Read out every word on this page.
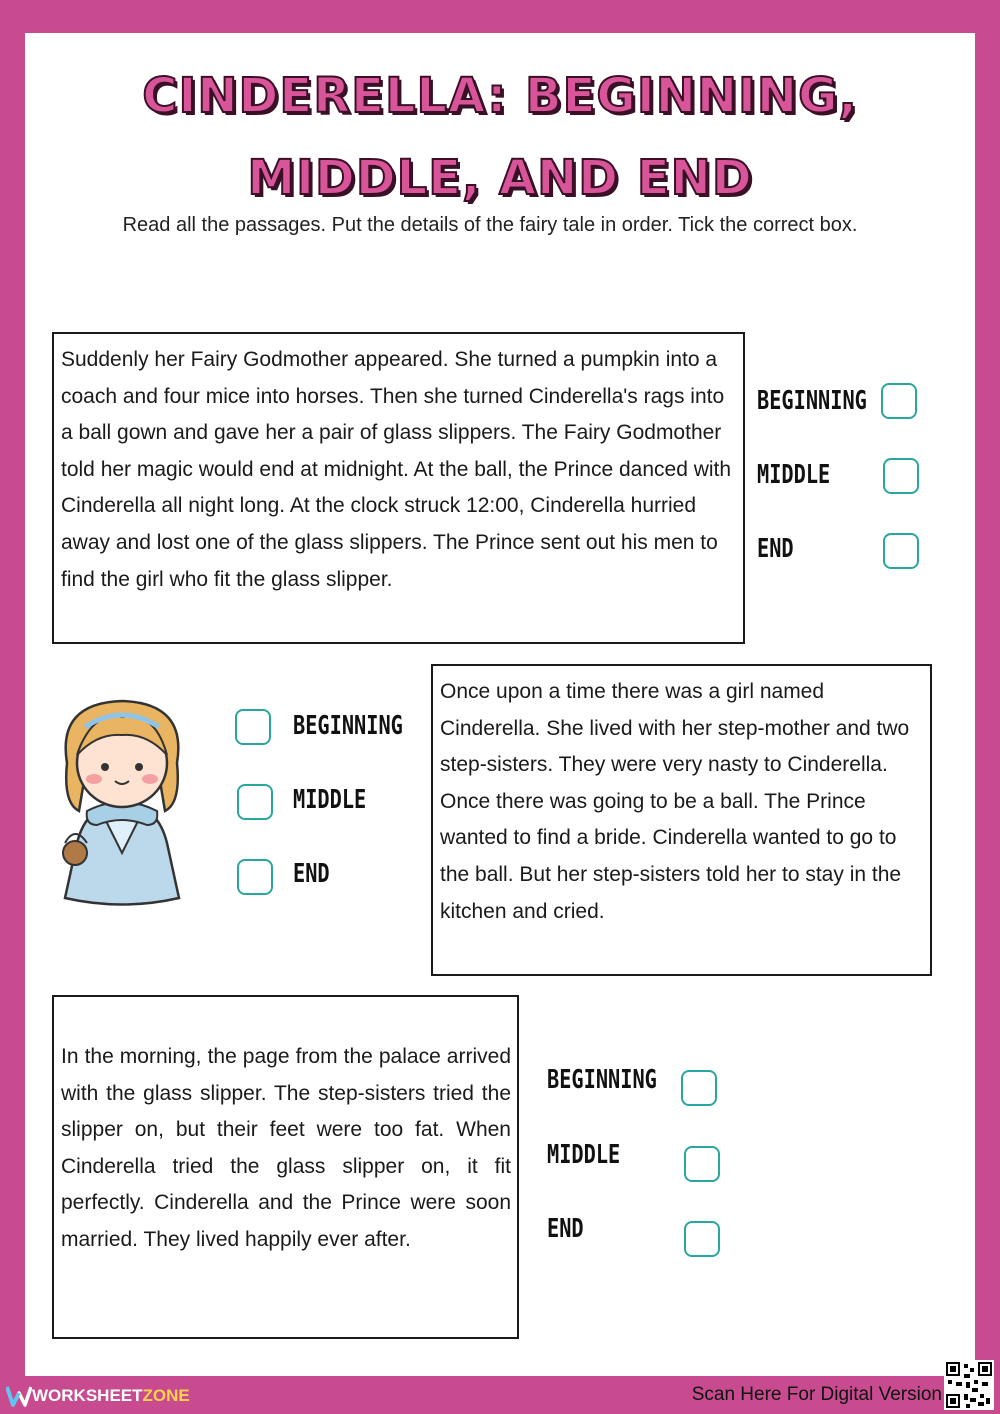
CINDERELLA: BEGINNING, MIDDLE, AND END
Read all the passages. Put the details of the fairy tale in order. Tick the correct box.
Suddenly her Fairy Godmother appeared. She turned a pumpkin into a coach and four mice into horses. Then she turned Cinderella's rags into a ball gown and gave her a pair of glass slippers. The Fairy Godmother told her magic would end at midnight. At the ball, the Prince danced with Cinderella all night long. At the clock struck 12:00, Cinderella hurried away and lost one of the glass slippers. The Prince sent out his men to find the girl who fit the glass slipper.
BEGINNING
MIDDLE
END
BEGINNING
MIDDLE
END
Once upon a time there was a girl named Cinderella. She lived with her step-mother and two step-sisters. They were very nasty to Cinderella. Once there was going to be a ball. The Prince wanted to find a bride. Cinderella wanted to go to the ball. But her step-sisters told her to stay in the kitchen and cried.
In the morning, the page from the palace arrived with the glass slipper. The step-sisters tried the slipper on, but their feet were too fat. When Cinderella tried the glass slipper on, it fit perfectly. Cinderella and the Prince were soon married. They lived happily ever after.
BEGINNING
MIDDLE
END
WORKSHEET ZONE	Scan Here For Digital Version
